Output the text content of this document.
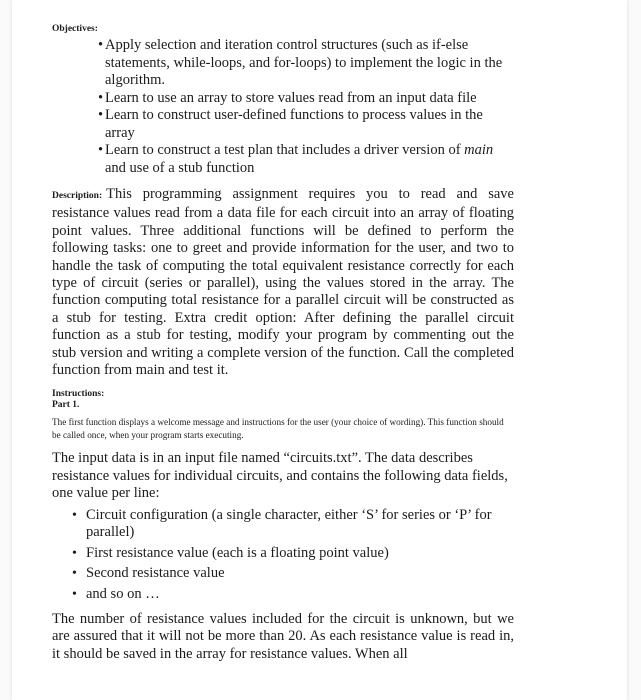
Objectives:
• Apply selection and iteration control structures (such as if-else statements, while-loops, and for-loops) to implement the logic in the algorithm.
• Learn to use an array to store values read from an input data file
• Learn to construct user-defined functions to process values in the array
• Learn to construct a test plan that includes a driver version of main and use of a stub function

Description: This programming assignment requires you to read and save resistance values read from a data file for each circuit into an array of floating point values. Three additional functions will be defined to perform the following tasks: one to greet and provide information for the user, and two to handle the task of computing the total equivalent resistance correctly for each type of circuit (series or parallel), using the values stored in the array. The function computing total resistance for a parallel circuit will be constructed as a stub for testing. Extra credit option: After defining the parallel circuit function as a stub for testing, modify your program by commenting out the stub version and writing a complete version of the function. Call the completed function from main and test it.

Instructions:
Part 1.
The first function displays a welcome message and instructions for the user (your choice of wording). This function should be called once, when your program starts executing.
The input data is in an input file named “circuits.txt”. The data describes resistance values for individual circuits, and contains the following data fields, one value per line:
• Circuit configuration (a single character, either ‘S’ for series or ‘P’ for parallel)
• First resistance value (each is a floating point value)
• Second resistance value
• and so on …
The number of resistance values included for the circuit is unknown, but we are assured that it will not be more than 20. As each resistance value is read in, it should be saved in the array for resistance values. When all
